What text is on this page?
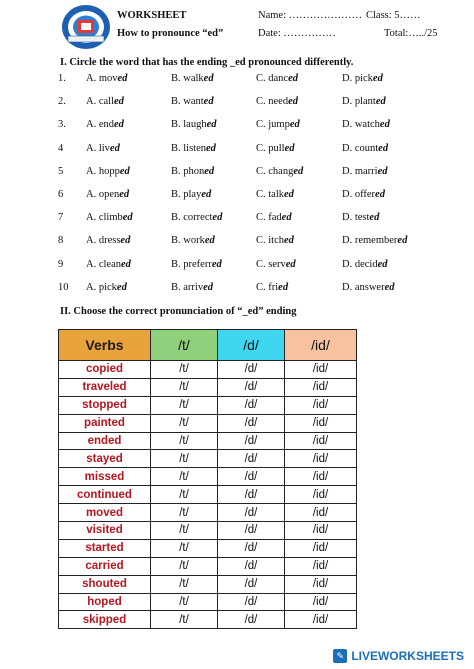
WORKSHEET
How to pronounce “ed”
Name: ………………… Class: 5……
Date: ……………	Total:…../25
I. Circle the word that has the ending _ed pronounced differently.
1. A. moved	B. walked	C. danced	D. picked
2. A. called	B. wanted	C. needed	D. planted
3. A. ended	B. laughed	C. jumped	D. watched
4 A. lived	B. listened	C. pulled	D. counted
5 A. hopped	B. phoned	C. changed	D. married
6 A. opened	B. played	C. talked	D. offered
7 A. climbed	B. corrected	C. faded	D. tested
8 A. dressed	B. worked	C. itched	D. remembered
9 A. cleaned	B. preferred	C. served	D. decided
10 A. picked	B. arrived	C. fried	D. answered
II. Choose the correct pronunciation of “_ed” ending
Verbs	/t/	/d/	/id/
copied	/t/	/d/	/id/
traveled	/t/	/d/	/id/
stopped	/t/	/d/	/id/
painted	/t/	/d/	/id/
ended	/t/	/d/	/id/
stayed	/t/	/d/	/id/
missed	/t/	/d/	/id/
continued	/t/	/d/	/id/
moved	/t/	/d/	/id/
visited	/t/	/d/	/id/
started	/t/	/d/	/id/
carried	/t/	/d/	/id/
shouted	/t/	/d/	/id/
hoped	/t/	/d/	/id/
skipped	/t/	/d/	/id/
✎ LIVEWORKSHEETS
